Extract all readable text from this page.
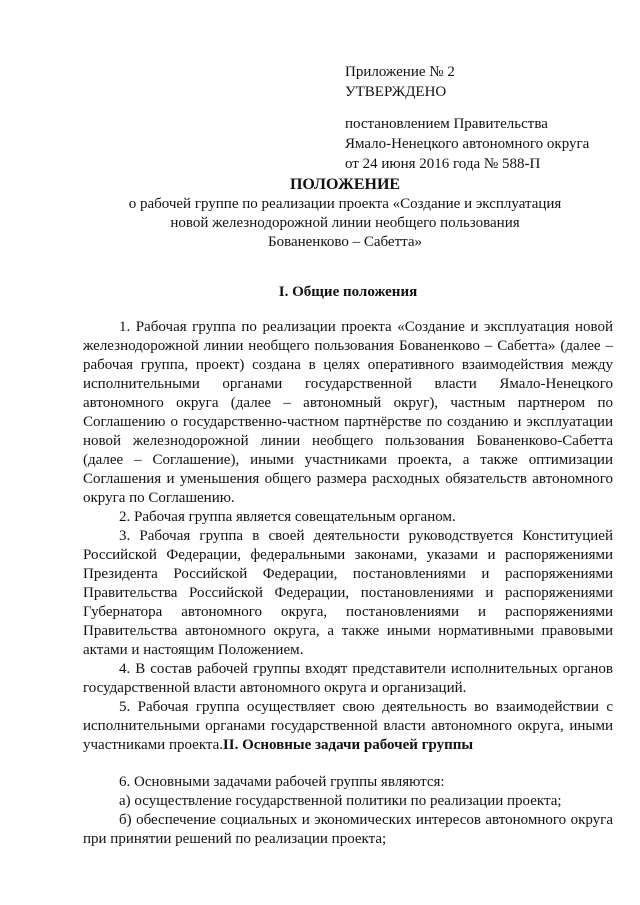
Приложение № 2
УТВЕРЖДЕНО
постановлением Правительства
Ямало-Ненецкого автономного округа
от 24 июня 2016 года № 588-П
ПОЛОЖЕНИЕ
о рабочей группе по реализации проекта «Создание и эксплуатация
новой железнодорожной линии необщего пользования
Бованенково – Сабетта»
I. Общие положения

1. Рабочая группа по реализации проекта «Создание и эксплуатация новой железнодорожной линии необщего пользования Бованенково – Сабетта» (далее – рабочая группа, проект) создана в целях оперативного взаимодействия между исполнительными органами государственной власти Ямало-Ненецкого автономного округа (далее – автономный округ), частным партнером по Соглашению о государственно-частном партнёрстве по созданию и эксплуатации новой железнодорожной линии необщего пользования Бованенково-Сабетта (далее – Соглашение), иными участниками проекта, а также оптимизации Соглашения и уменьшения общего размера расходных обязательств автономного округа по Соглашению.

2. Рабочая группа является совещательным органом.

3. Рабочая группа в своей деятельности руководствуется Конституцией Российской Федерации, федеральными законами, указами и распоряжениями Президента Российской Федерации, постановлениями и распоряжениями Правительства Российской Федерации, постановлениями и распоряжениями Губернатора автономного округа, постановлениями и распоряжениями Правительства автономного округа, а также иными нормативными правовыми актами и настоящим Положением.

4. В состав рабочей группы входят представители исполнительных органов государственной власти автономного округа и организаций.

5. Рабочая группа осуществляет свою деятельность во взаимодействии с исполнительными органами государственной власти автономного округа, иными участниками проекта. II. Основные задачи рабочей группы

6. Основными задачами рабочей группы являются:

а) осуществление государственной политики по реализации проекта;

б) обеспечение социальных и экономических интересов автономного округа при принятии решений по реализации проекта;
